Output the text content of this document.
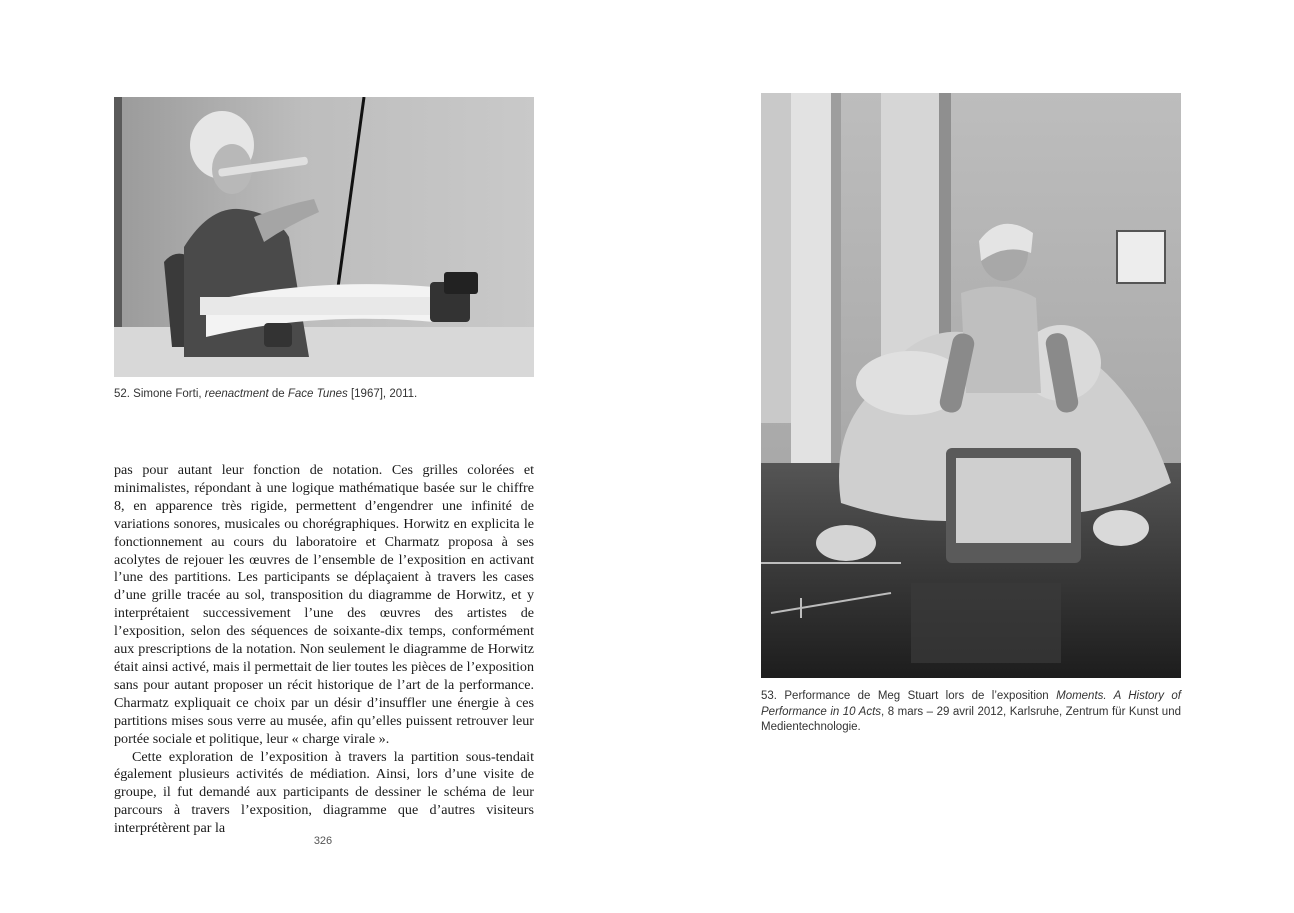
52. Simone Forti, reenactment de Face Tunes [1967], 2011.

pas pour autant leur fonction de notation. Ces grilles colorées et minimalistes, répondant à une logique mathématique basée sur le chiffre 8, en apparence très rigide, permettent d’engendrer une infinité de variations sonores, musicales ou chorégraphiques. Horwitz en explicita le fonctionnement au cours du laboratoire et Charmatz proposa à ses acolytes de rejouer les œuvres de l’ensemble de l’exposition en activant l’une des partitions. Les participants se déplaçaient à travers les cases d’une grille tracée au sol, transposition du diagramme de Horwitz, et y interprétaient successivement l’une des œuvres des artistes de l’exposition, selon des séquences de soixante-dix temps, conformément aux prescriptions de la notation. Non seulement le diagramme de Horwitz était ainsi activé, mais il permettait de lier toutes les pièces de l’exposition sans pour autant proposer un récit historique de l’art de la performance. Charmatz expliquait ce choix par un désir d’insuffler une énergie à ces partitions mises sous verre au musée, afin qu’elles puissent retrouver leur portée sociale et politique, leur « charge virale ».

Cette exploration de l’exposition à travers la partition sous-tendait également plusieurs activités de médiation. Ainsi, lors d’une visite de groupe, il fut demandé aux participants de dessiner le schéma de leur parcours à travers l’exposition, diagramme que d’autres visiteurs interprétèrent par la

326
53. Performance de Meg Stuart lors de l’exposition Moments. A History of Performance in 10 Acts, 8 mars – 29 avril 2012, Karlsruhe, Zentrum für Kunst und Medientechnologie.
